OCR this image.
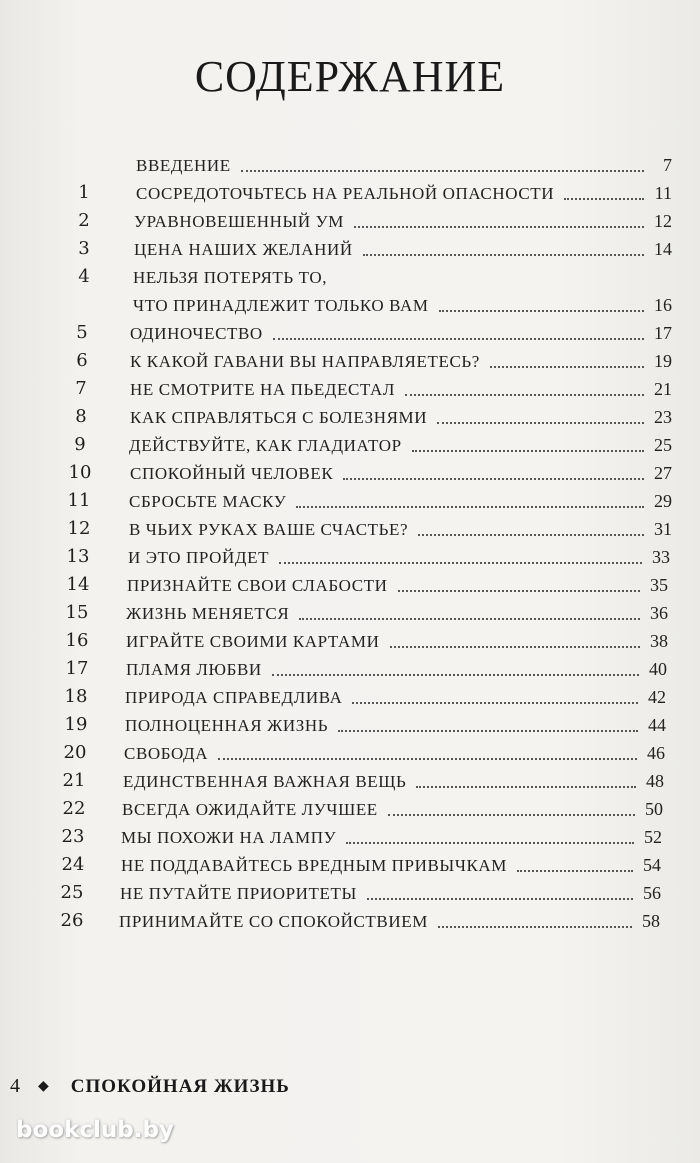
СОДЕРЖАНИЕ
ВВЕДЕНИЕ	7
1	СОСРЕДОТОЧЬТЕСЬ НА РЕАЛЬНОЙ ОПАСНОСТИ	11
2	УРАВНОВЕШЕННЫЙ УМ	12
3	ЦЕНА НАШИХ ЖЕЛАНИЙ	14
4	НЕЛЬЗЯ ПОТЕРЯТЬ ТО,
ЧТО ПРИНАДЛЕЖИТ ТОЛЬКО ВАМ	16
5	ОДИНОЧЕСТВО	17
6	К КАКОЙ ГАВАНИ ВЫ НАПРАВЛЯЕТЕСЬ?	19
7	НЕ СМОТРИТЕ НА ПЬЕДЕСТАЛ	21
8	КАК СПРАВЛЯТЬСЯ С БОЛЕЗНЯМИ	23
9	ДЕЙСТВУЙТЕ, КАК ГЛАДИАТОР	25
10	СПОКОЙНЫЙ ЧЕЛОВЕК	27
11	СБРОСЬТЕ МАСКУ	29
12	В ЧЬИХ РУКАХ ВАШЕ СЧАСТЬЕ?	31
13	И ЭТО ПРОЙДЕТ	33
14	ПРИЗНАЙТЕ СВОИ СЛАБОСТИ	35
15	ЖИЗНЬ МЕНЯЕТСЯ	36
16	ИГРАЙТЕ СВОИМИ КАРТАМИ	38
17	ПЛАМЯ ЛЮБВИ	40
18	ПРИРОДА СПРАВЕДЛИВА	42
19	ПОЛНОЦЕННАЯ ЖИЗНЬ	44
20	СВОБОДА	46
21	ЕДИНСТВЕННАЯ ВАЖНАЯ ВЕЩЬ	48
22	ВСЕГДА ОЖИДАЙТЕ ЛУЧШЕЕ	50
23	МЫ ПОХОЖИ НА ЛАМПУ	52
24	НЕ ПОДДАВАЙТЕСЬ ВРЕДНЫМ ПРИВЫЧКАМ	54
25	НЕ ПУТАЙТЕ ПРИОРИТЕТЫ	56
26	ПРИНИМАЙТЕ СО СПОКОЙСТВИЕМ	58
4 ◆ СПОКОЙНАЯ ЖИЗНЬ
bookclub.by
